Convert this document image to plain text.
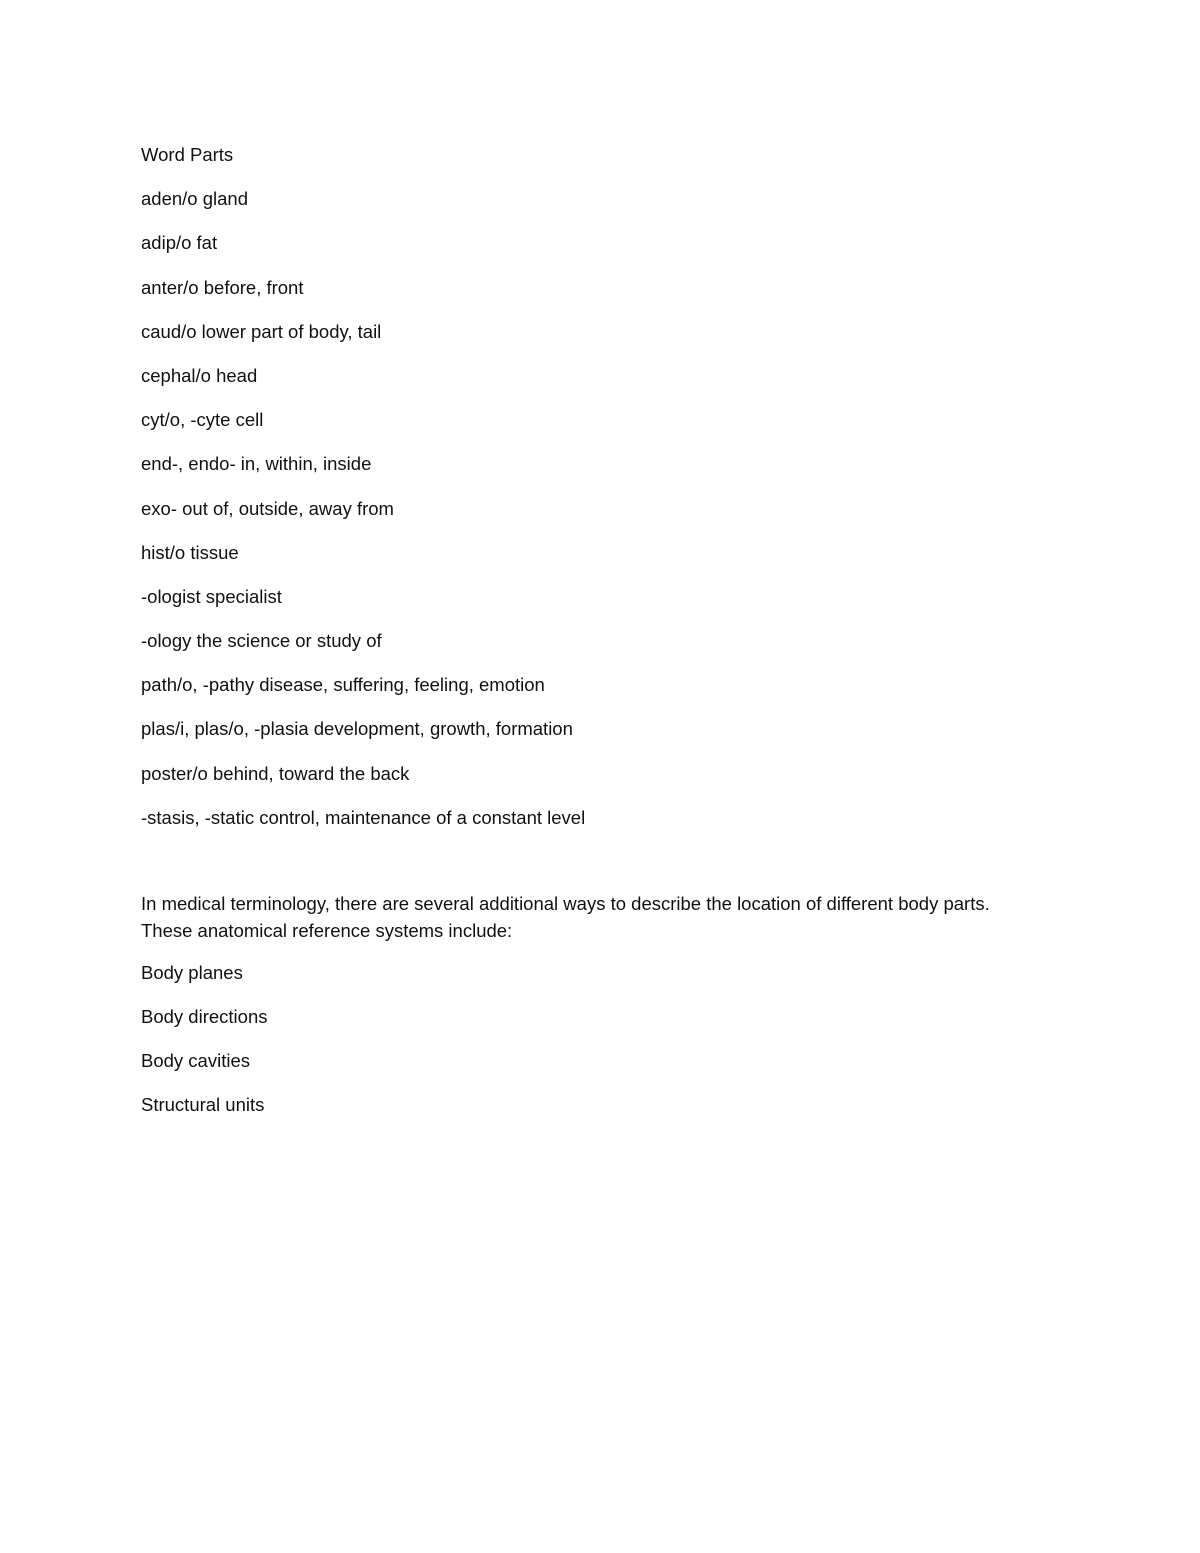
Word Parts
aden/o gland
adip/o fat
anter/o before, front
caud/o lower part of body, tail
cephal/o head
cyt/o, -cyte cell
end-, endo- in, within, inside
exo- out of, outside, away from
hist/o tissue
-ologist specialist
-ology the science or study of
path/o, -pathy disease, suffering, feeling, emotion
plas/i, plas/o, -plasia development, growth, formation
poster/o behind, toward the back
-stasis, -static control, maintenance of a constant level
In medical terminology, there are several additional ways to describe the location of different body parts.
These anatomical reference systems include:
Body planes
Body directions
Body cavities
Structural units
